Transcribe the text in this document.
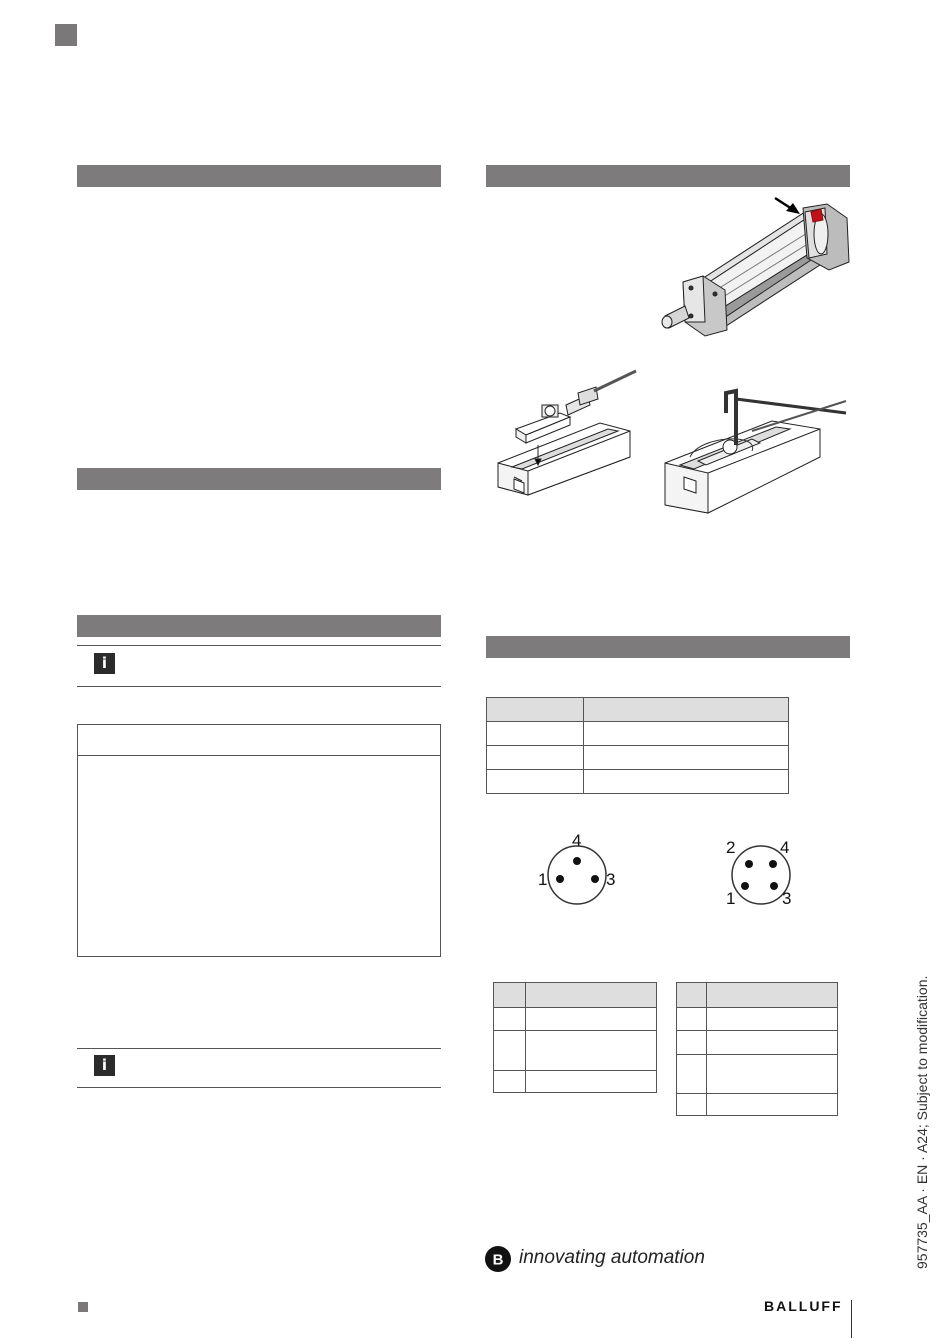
i
i

4
1	3
2	4
1	3

957735_AA · EN · A24; Subject to modification.
B innovating automation
BALLUFF
